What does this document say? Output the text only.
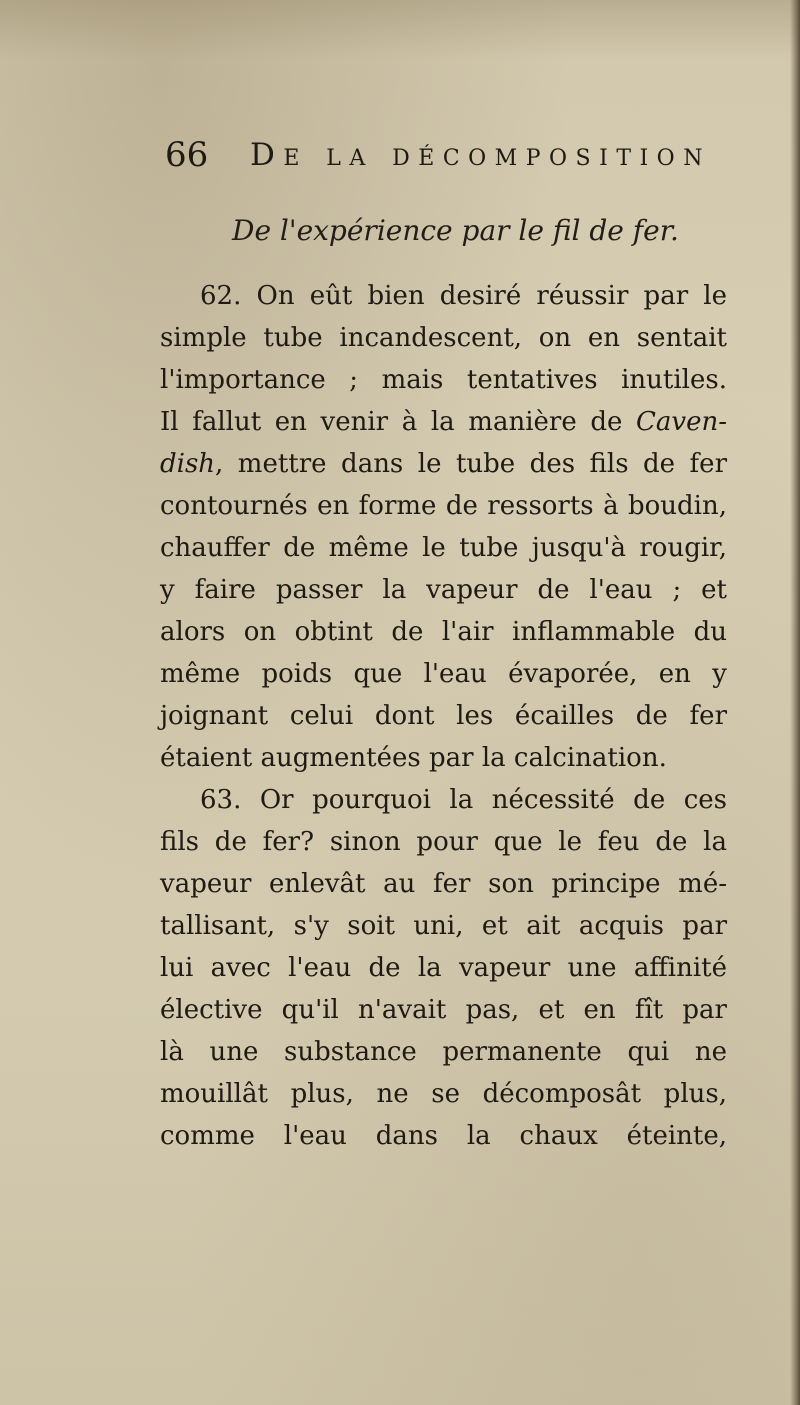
66 De la décomposition
De l'expérience par le fil de fer.
62. On eût bien desiré réussir par le
simple tube incandescent, on en sentait
l'importance ; mais tentatives inutiles.
Il fallut en venir à la manière de Caven-
dish, mettre dans le tube des fils de fer
contournés en forme de ressorts à boudin,
chauffer de même le tube jusqu'à rougir,
y faire passer la vapeur de l'eau ; et
alors on obtint de l'air inflammable du
même poids que l'eau évaporée, en y
joignant celui dont les écailles de fer
étaient augmentées par la calcination.
63. Or pourquoi la nécessité de ces
fils de fer? sinon pour que le feu de la
vapeur enlevât au fer son principe mé-
tallisant, s'y soit uni, et ait acquis par
lui avec l'eau de la vapeur une affinité
élective qu'il n'avait pas, et en fît par
là une substance permanente qui ne
mouillât plus, ne se décomposât plus,
comme l'eau dans la chaux éteinte,
